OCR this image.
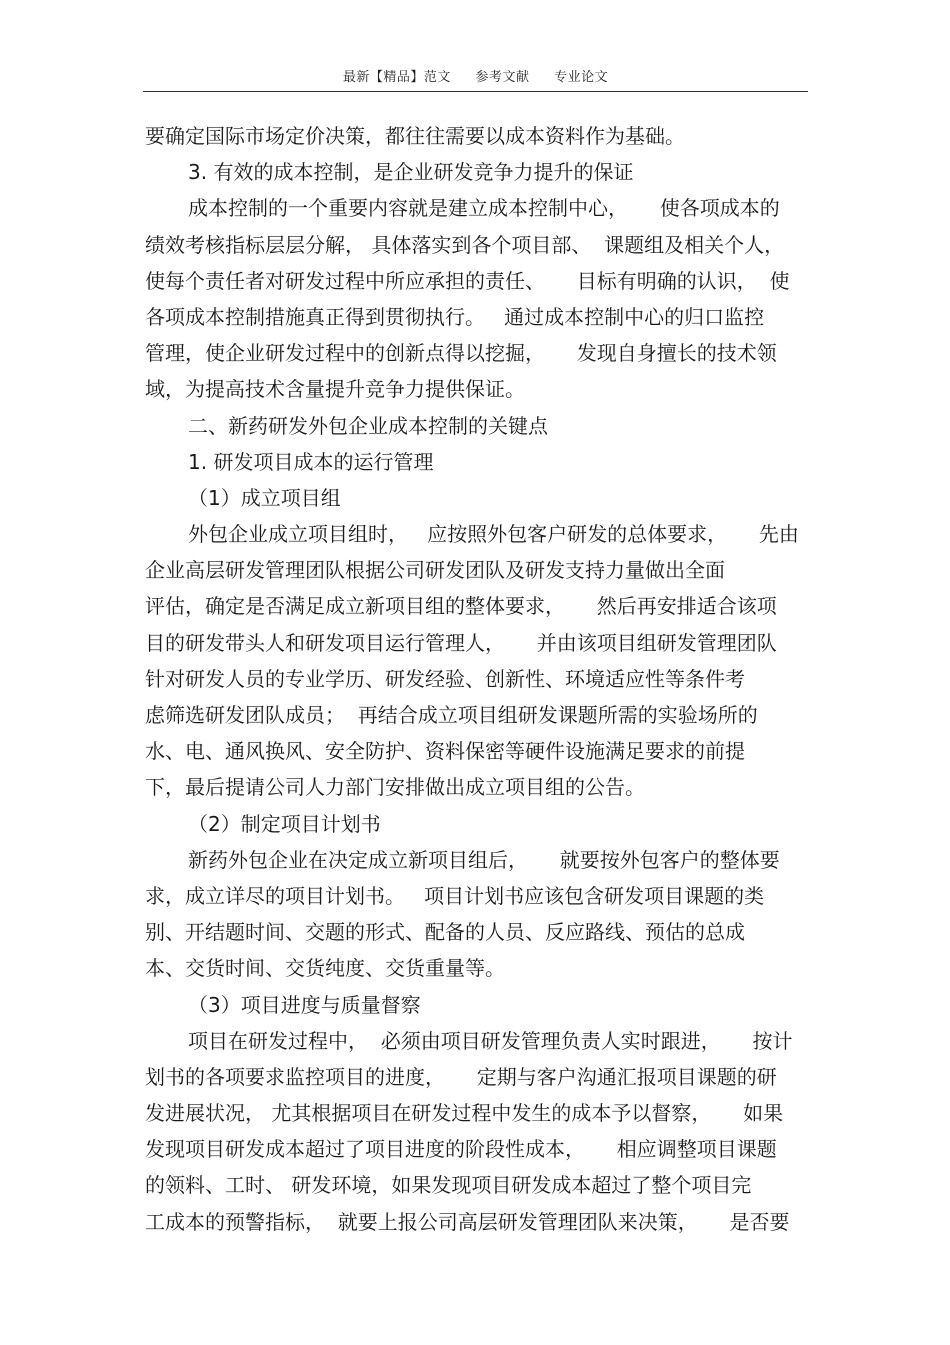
最新【精品】范文 参考文献 专业论文
要确定国际市场定价决策，都往往需要以成本资料作为基础。
3. 有效的成本控制，是企业研发竞争力提升的保证
成本控制的一个重要内容就是建立成本控制中心，     使各项成本的
绩效考核指标层层分解， 具体落实到各个项目部、  课题组及相关个人，
使每个责任者对研发过程中所应承担的责任、     目标有明确的认识，  使
各项成本控制措施真正得到贯彻执行。   通过成本控制中心的归口监控
管理，使企业研发过程中的创新点得以挖掘，     发现自身擅长的技术领
域，为提高技术含量提升竞争力提供保证。
二、新药研发外包企业成本控制的关键点
1. 研发项目成本的运行管理
（1）成立项目组
外包企业成立项目组时，   应按照外包客户研发的总体要求，     先由
企业高层研发管理团队根据公司研发团队及研发支持力量做出全面
评估，确定是否满足成立新项目组的整体要求，     然后再安排适合该项
目的研发带头人和研发项目运行管理人，     并由该项目组研发管理团队
针对研发人员的专业学历、研发经验、创新性、环境适应性等条件考
虑筛选研发团队成员；  再结合成立项目组研发课题所需的实验场所的
水、电、通风换风、安全防护、资料保密等硬件设施满足要求的前提
下，最后提请公司人力部门安排做出成立项目组的公告。
（2）制定项目计划书
新药外包企业在决定成立新项目组后，     就要按外包客户的整体要
求，成立详尽的项目计划书。   项目计划书应该包含研发项目课题的类
别、开结题时间、交题的形式、配备的人员、反应路线、预估的总成
本、交货时间、交货纯度、交货重量等。
（3）项目进度与质量督察
项目在研发过程中，  必须由项目研发管理负责人实时跟进，     按计
划书的各项要求监控项目的进度，     定期与客户沟通汇报项目课题的研
发进展状况， 尤其根据项目在研发过程中发生的成本予以督察，     如果
发现项目研发成本超过了项目进度的阶段性成本，     相应调整项目课题
的领料、工时、 研发环境，如果发现项目研发成本超过了整个项目完
工成本的预警指标，  就要上报公司高层研发管理团队来决策，     是否要
